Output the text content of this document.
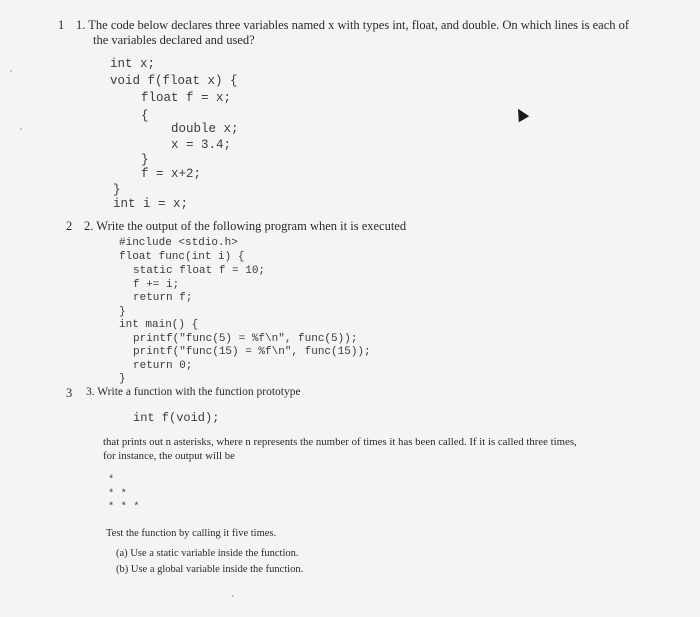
1 1. The code below declares three variables named x with types int, float, and double. On which lines is each of
the variables declared and used?
int x;
void f(float x) {
float f = x;
{
double x;
x = 3.4;
}
f = x+2;
}
int i = x;
2 2. Write the output of the following program when it is executed
#include <stdio.h>
float func(int i) {
static float f = 10;
f += i;
return f;
}
int main() {
printf("func(5) = %f\n", func(5));
printf("func(15) = %f\n", func(15));
return 0;
}
3 3. Write a function with the function prototype
int f(void);
that prints out n asterisks, where n represents the number of times it has been called. If it is called three times,
for instance, the output will be
*
* *
* * *
Test the function by calling it five times.
(a) Use a static variable inside the function.
(b) Use a global variable inside the function.
